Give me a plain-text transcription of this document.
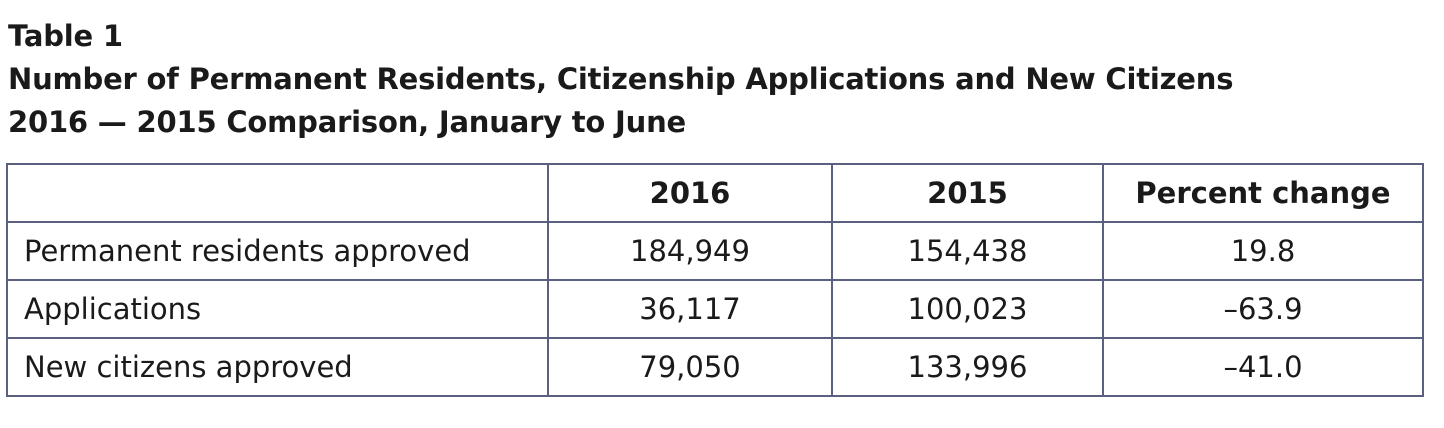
Table 1
Number of Permanent Residents, Citizenship Applications and New Citizens
2016 — 2015 Comparison, January to June
	2016	2015	Percent change
Permanent residents approved	184,949	154,438	19.8
Applications	36,117	100,023	–63.9
New citizens approved	79,050	133,996	–41.0
